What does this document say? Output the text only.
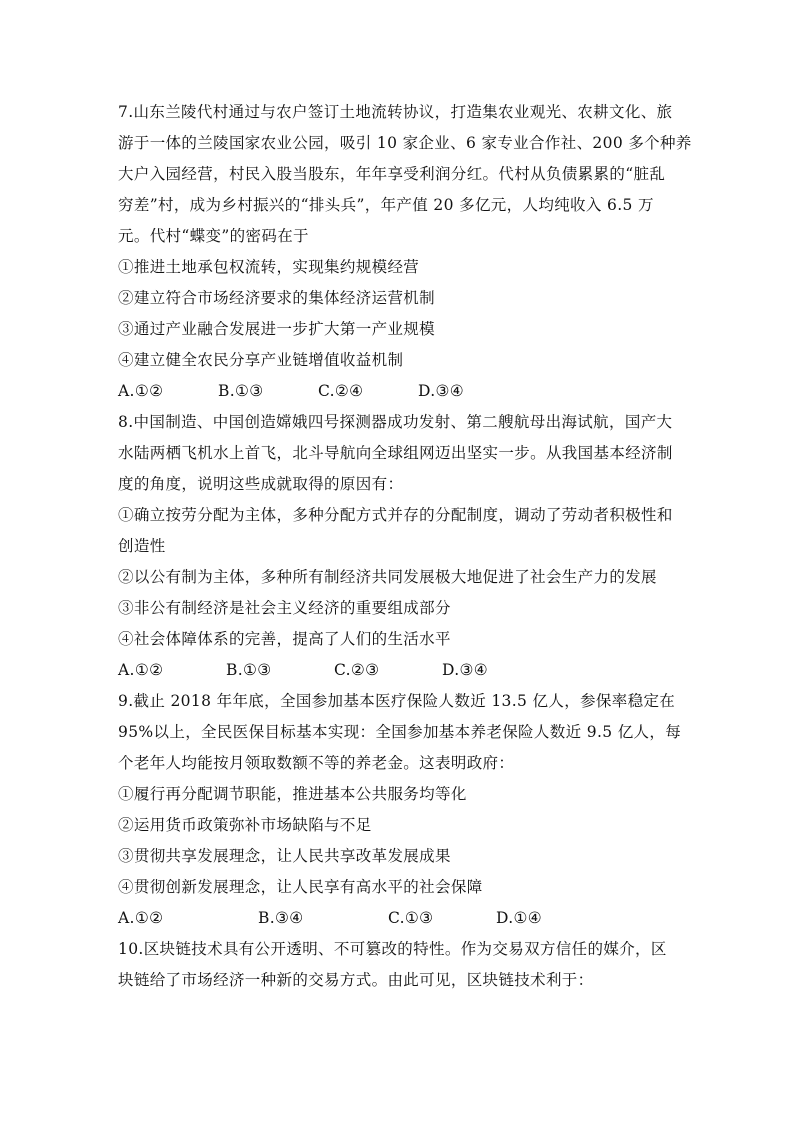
7.山东兰陵代村通过与农户签订土地流转协议，打造集农业观光、农耕文化、旅
游于一体的兰陵国家农业公园，吸引 10 家企业、6 家专业合作社、200 多个种养
大户入园经营，村民入股当股东，年年享受利润分红。代村从负债累累的“脏乱
穷差”村，成为乡村振兴的“排头兵”，年产值 20 多亿元，人均纯收入 6.5 万
元。代村“蝶变”的密码在于
①推进土地承包权流转，实现集约规模经营
②建立符合市场经济要求的集体经济运营机制
③通过产业融合发展进一步扩大第一产业规模
④建立健全农民分享产业链增值收益机制
A.①②	B.①③	C.②④	D.③④
8.中国制造、中国创造嫦娥四号探测器成功发射、第二艘航母出海试航，国产大
水陆两栖飞机水上首飞，北斗导航向全球组网迈出坚实一步。从我国基本经济制
度的角度，说明这些成就取得的原因有：
①确立按劳分配为主体，多种分配方式并存的分配制度，调动了劳动者积极性和
创造性
②以公有制为主体，多种所有制经济共同发展极大地促进了社会生产力的发展
③非公有制经济是社会主义经济的重要组成部分
④社会体障体系的完善，提高了人们的生活水平
A.①②	B.①③	C.②③	D.③④
9.截止 2018 年年底，全国参加基本医疗保险人数近 13.5 亿人，参保率稳定在
95%以上，全民医保目标基本实现：全国参加基本养老保险人数近 9.5 亿人，每
个老年人均能按月领取数额不等的养老金。这表明政府：
①履行再分配调节职能，推进基本公共服务均等化
②运用货币政策弥补市场缺陷与不足
③贯彻共享发展理念，让人民共享改革发展成果
④贯彻创新发展理念，让人民享有高水平的社会保障
A.①②	B.③④	C.①③	D.①④
10.区块链技术具有公开透明、不可篡改的特性。作为交易双方信任的媒介，区
块链给了市场经济一种新的交易方式。由此可见，区块链技术利于：
